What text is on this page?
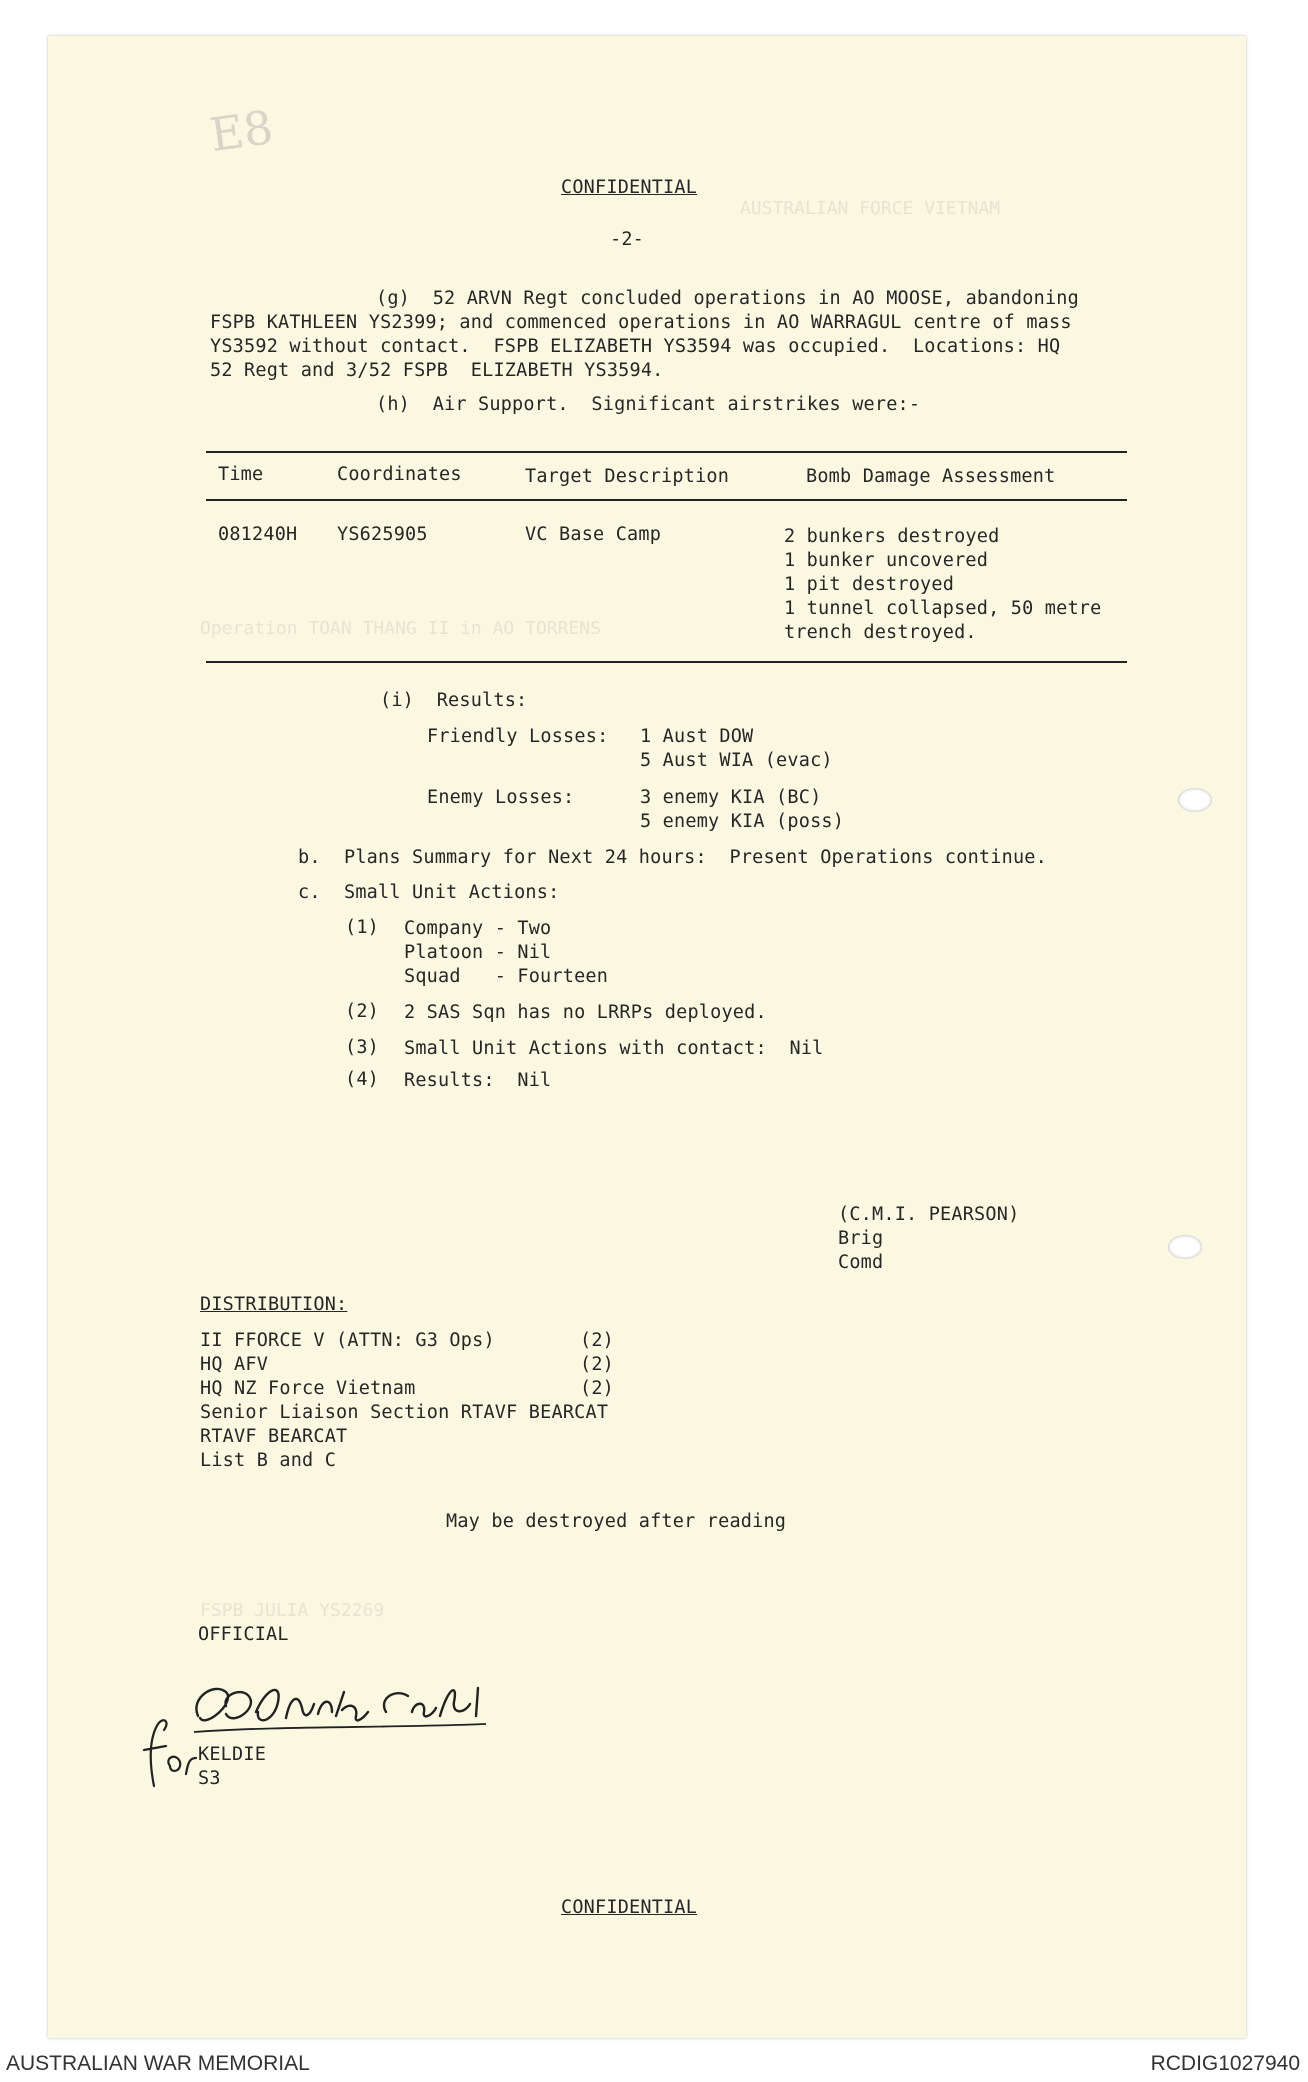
E8
AUSTRALIAN FORCE VIETNAM
Operation TOAN THANG II in AO TORRENS
FSPB JULIA YS2269
CONFIDENTIAL
-2-
(g)  52 ARVN Regt concluded operations in AO MOOSE, abandoning
FSPB KATHLEEN YS2399; and commenced operations in AO WARRAGUL centre of mass
YS3592 without contact.  FSPB ELIZABETH YS3594 was occupied.  Locations: HQ
52 Regt and 3/52 FSPB  ELIZABETH YS3594.
(h)  Air Support.  Significant airstrikes were:-
Time	Coordinates	Target Description	Bomb Damage Assessment
081240H YS625905	VC Base Camp	2 bunkers destroyed
1 bunker uncovered
1 pit destroyed
1 tunnel collapsed, 50 metre
trench destroyed.
(i)  Results:
Friendly Losses: 1 Aust DOW
5 Aust WIA (evac)
Enemy Losses:	3 enemy KIA (BC)
5 enemy KIA (poss)
b. Plans Summary for Next 24 hours:  Present Operations continue.
c. Small Unit Actions:
(1) Company - Two
Platoon - Nil
Squad   - Fourteen
(2) 2 SAS Sqn has no LRRPs deployed.
(3) Small Unit Actions with contact:  Nil
(4) Results:  Nil
(C.M.I. PEARSON)
Brig
Comd
DISTRIBUTION:
II FFORCE V (ATTN: G3 Ops)	(2)
HQ AFV	(2)
HQ NZ Force Vietnam	(2)
Senior Liaison Section RTAVF BEARCAT
RTAVF BEARCAT
List B and C
May be destroyed after reading
OFFICIAL
KELDIE
S3
CONFIDENTIAL
AUSTRALIAN WAR MEMORIAL	RCDIG1027940
